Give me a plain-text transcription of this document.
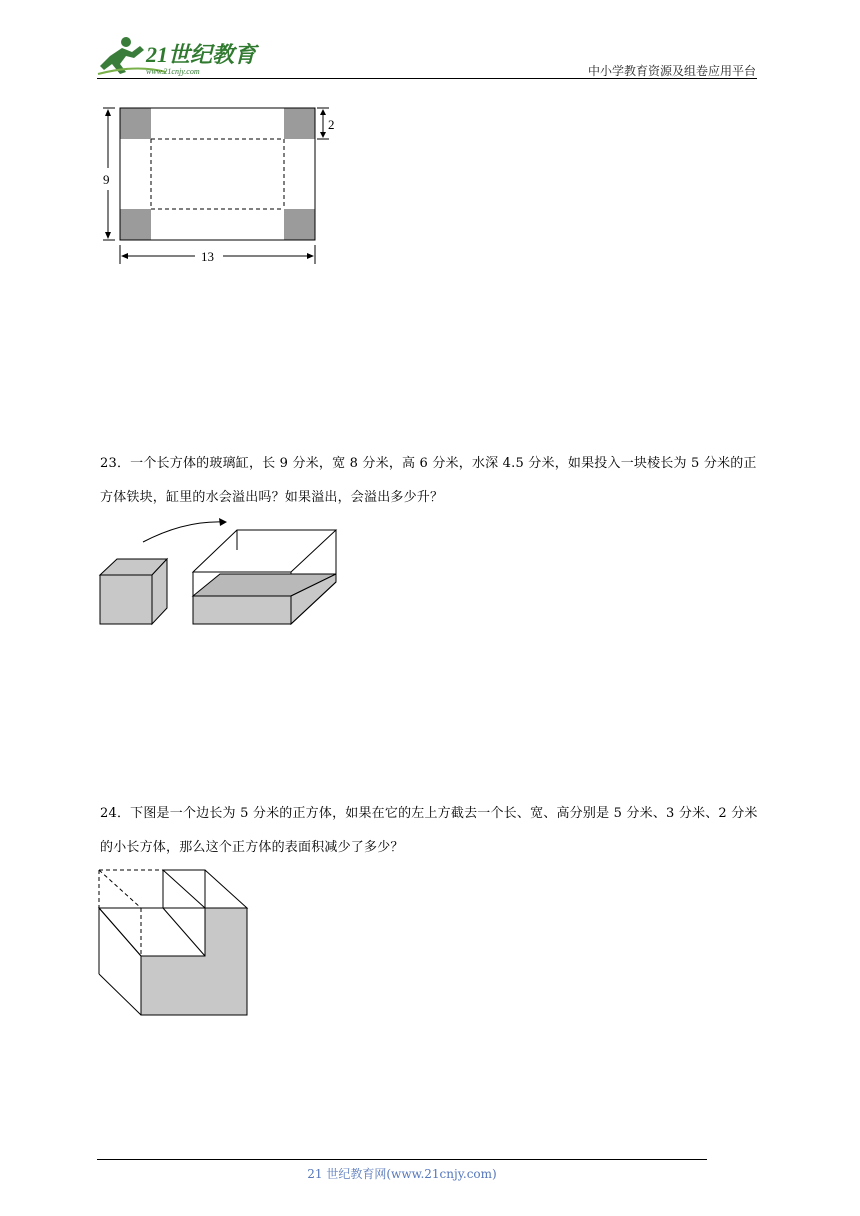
21世纪教育
www.21cnjy.com	中小学教育资源及组卷应用平台
9
13
2
23．一个长方体的玻璃缸，长 9 分米，宽 8 分米，高 6 分米，水深 4.5 分米，如果投入一块棱长为 5 分米的正方体铁块，缸里的水会溢出吗？如果溢出，会溢出多少升？
24．下图是一个边长为 5 分米的正方体，如果在它的左上方截去一个长、宽、高分别是 5 分米、3 分米、2 分米的小长方体，那么这个正方体的表面积减少了多少？
21 世纪教育网(www.21cnjy.com)
